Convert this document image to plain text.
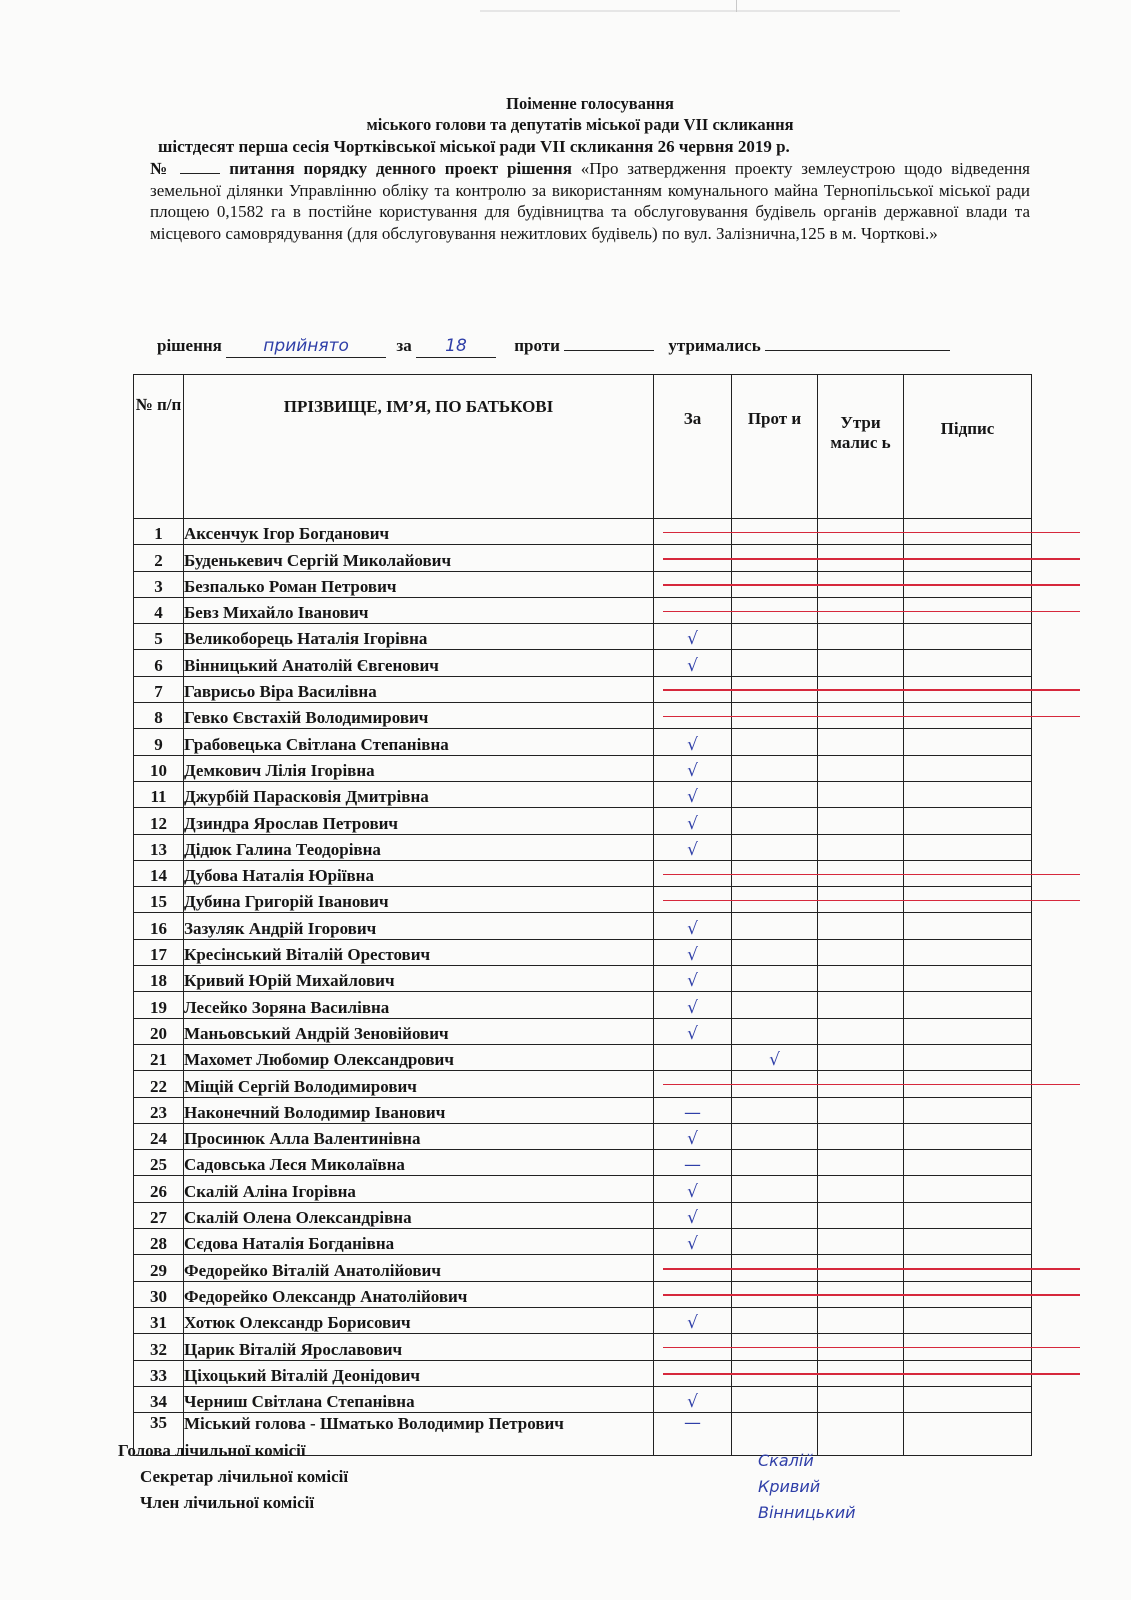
Поіменне голосування
міського голови та депутатів міської ради VII скликання
шістдесят перша сесія Чортківської міської ради VII скликання 26 червня 2019 р.
№	питання порядку денного проект рішення «Про затвердження проекту землеустрою щодо відведення земельної ділянки Управлінню обліку та контролю за використанням комунального майна Тернопільської міської ради площею 0,1582 га в постійне користування для будівництва та обслуговування будівель органів державної влади та місцевого самоврядування (для обслуговування нежитлових будівель) по вул. Залізнична,125 в м. Чорткові.»
рішення прийнято	за 18	проти	утримались
№ п/п	ПРІЗВИЩЕ, ІМ’Я, ПО БАТЬКОВІ	За	Прот и	Утри малис ь	Підпис
1	Аксенчук Ігор Богданович				
2	Буденькевич Сергій Миколайович				
3	Безпалько Роман Петрович				
4	Бевз Михайло Іванович				
5	Великоборець Наталія Ігорівна	√			
6	Вінницький Анатолій Євгенович	√			
7	Гаврисьо Віра Василівна				
8	Гевко Євстахій Володимирович				
9	Грабовецька Світлана Степанівна	√			
10	Демкович Лілія Ігорівна	√			
11	Джурбій Парасковія Дмитрівна	√			
12	Дзиндра Ярослав Петрович	√			
13	Дідюк Галина Теодорівна	√			
14	Дубова Наталія Юріївна				
15	Дубина Григорій Іванович				
16	Зазуляк Андрій Ігорович	√			
17	Кресінський Віталій Орестович	√			
18	Кривий Юрій Михайлович	√			
19	Лесейко Зоряна Василівна	√			
20	Маньовський Андрій Зеновійович	√			
21	Махомет Любомир Олександрович		√		
22	Міщій Сергій Володимирович				
23	Наконечний Володимир Іванович	—			
24	Просинюк Алла Валентинівна	√			
25	Садовська Леся Миколаївна	—			
26	Скалій Аліна Ігорівна	√			
27	Скалій Олена Олександрівна	√			
28	Сєдова Наталія Богданівна	√			
29	Федорейко Віталій Анатолійович				
30	Федорейко Олександр Анатолійович				
31	Хотюк Олександр Борисович	√			
32	Царик Віталій Ярославович				
33	Ціхоцький Віталій Деонідович				
34	Черниш Світлана Степанівна	√			
35	Міський голова - Шматько Володимир Петрович	—			
Голова лічильної комісії
Секретар лічильної комісії
Член лічильної комісії
Скалій
Кривий
Вінницький
